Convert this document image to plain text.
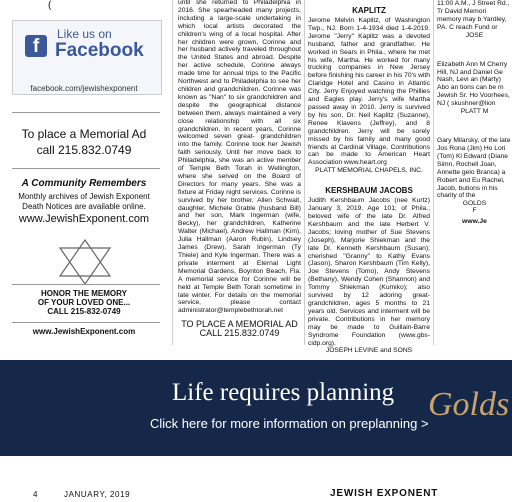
(
f
Like us on
Facebook
facebook.com/jewishexponent
To place a Memorial Ad
call 215.832.0749
A Community Remembers
Monthly archives of Jewish Exponent
Death Notices are available online.
www.JewishExponent.com
HONOR THE MEMORY
OF YOUR LOVED ONE...
CALL 215-832-0749
www.JewishExponent.com

until she returned to Philadelphia in 2016. She spearheaded many projects, including a large-scale undertaking in which local artists decorated the children's wing of a local hospital. After her children were grown, Corinne and her husband actively traveled throughout the United States and abroad. Despite her active schedule, Corinne always made time for annual trips to the Pacific Northwest and to Philadelphia to see her children and grandchildren. Corinne was known as "Nan" to six grandchildren and despite the geographical distance between them, always maintained a very close relationship with all six grandchildren. In recent years, Corinne welcomed seven great- grandchildren into the family. Corinne took her Jewish faith seriously. Until her move back to Philadelphia, she was an active member of Temple Beth Torah in Wellington, where she served on the Board of Directors for many years. She was a fixture at Friday night services. Corinne is survived by her brother, Allen Schwait, daughter, Michele Grable (husband Bill) and her son, Mark Ingerman (wife, Becky), her grandchildren, Katherine Walter (Michael), Andrew Hallman (Kim), Julia Hallman (Aaron Rubin), Lindsey James (Drew), Sarah Ingerman (Ty Thiele) and Kyle Ingerman. There was a private interment at Eternal Light Memorial Gardens, Boynton Beach, Fla. A memorial service for Corinne will be held at Temple Beth Torah sometime in late winter. For details on the memorial service, please contact administrator@templebethtorah.net

TO PLACE A MEMORIAL AD
CALL 215.832.0749

KAPLITZ

Jerome Melvin Kaplitz, of Washington Twp., NJ. Born 1-4-1934 died 1-4-2019. Jerome "Jerry" Kaplitz was a devoted husband, father and grandfather. He worked in Sears in Phila., where he met his wife, Martha. He worked for many trucking companies in New Jersey before finishing his career in his 70's with Claridge Hotel and Casino in Atlantic City. Jerry Enjoyed watching the Phillies and Eagles play. Jerry's wife Martha passed away in 2010. Jerry is survived by his son, Dr. Neil Kaplitz (Suzanne), Renee Klavens (Jeffrey), and 8 grandchildren. Jerry will be sorely missed by his family and many good friends at Cardinal Village. Contributions can be made to American Heart Association www.heart.org

PLATT MEMORIAL CHAPELS, INC.

KERSHBAUM JACOBS

Judith Kershbaum Jacobs (nee Kurtz) January 3, 2019. Age 101; of Phila.; beloved wife of the late Dr. Alfred Kershbaum and the late Herbert V. Jacobs; loving mother of Sue Stevens (Joseph), Marjorie Shiekman and the late Dr. Kenneth Kershbaum (Susan); cherished "Granny" to Kathy Evans (Jason), Sharon Kershbaum (Tim Kelly), Joe Stevens (Tomo), Andy Stevens (Bethany), Wendy Cohen (Shannon) and Tommy Shiekman (Kumiko); also survived by 12 adoring great-grandchildren, ages 5 months to 21 years old. Services and interment will be private. Contributions in her memory may be made to Guillain-Barre Syndrome Foundation (www.gbs-cidp.org).

JOSEPH LEVINE and SONS

11:00 A.M., J Street Rd., Tr David Memori memory may b Yardley, PA. C reach Fund or

JOSE

Elizabeth Ann M Cherry Hill, NJ and Daniel Ge Nash, Levi an (Marty) Abo an tions can be m Jewish Sr. Ho Voorhees, NJ ( skushner@lion

PLATT M

Gary Milarsky, of the late Jos Rona (Jim) Ho Lori (Tom) Kl Edward (Diane Simn, Rochell Joan, Annette gelo Branca) a Robert and Eu Rachel, Jacob, butions in his charity of the

GOLDS

F

www.Je

Life requires planning
Click here for more information on preplanning >
Golds
4	JANUARY, 2019	JEWISH EXPONENT
